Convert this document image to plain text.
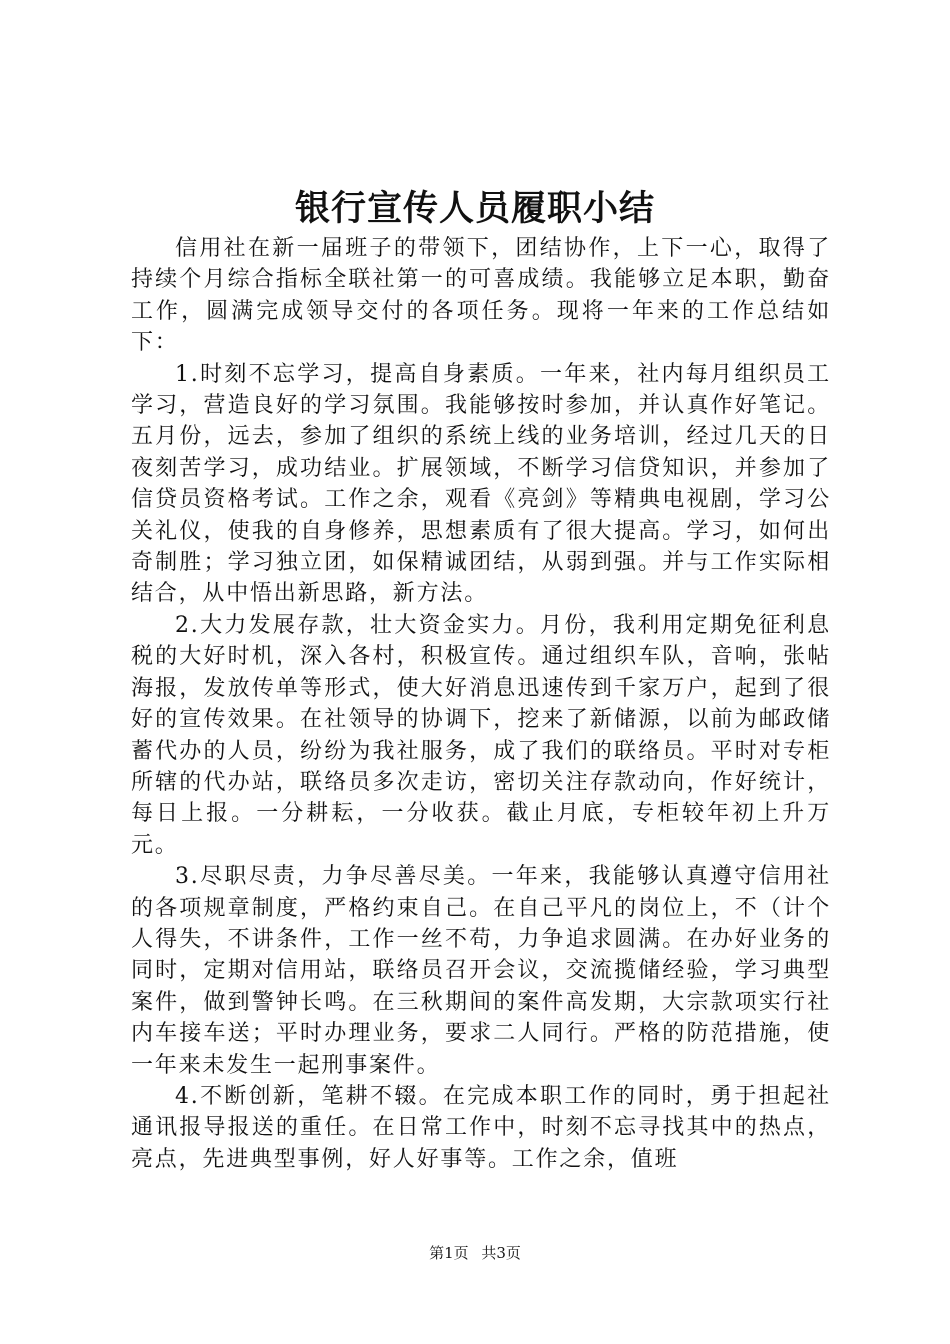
银行宣传人员履职小结

信用社在新一届班子的带领下，团结协作，上下一心，取得了持续个月综合指标全联社第一的可喜成绩。我能够立足本职，勤奋工作，圆满完成领导交付的各项任务。现将一年来的工作总结如下：

1.时刻不忘学习，提高自身素质。一年来，社内每月组织员工学习，营造良好的学习氛围。我能够按时参加，并认真作好笔记。五月份，远去，参加了组织的系统上线的业务培训，经过几天的日夜刻苦学习，成功结业。扩展领域，不断学习信贷知识，并参加了信贷员资格考试。工作之余，观看《亮剑》等精典电视剧，学习公关礼仪，使我的自身修养，思想素质有了很大提高。学习，如何出奇制胜；学习独立团，如保精诚团结，从弱到强。并与工作实际相结合，从中悟出新思路，新方法。

2.大力发展存款，壮大资金实力。月份，我利用定期免征利息税的大好时机，深入各村，积极宣传。通过组织车队，音响，张帖海报，发放传单等形式，使大好消息迅速传到千家万户，起到了很好的宣传效果。在社领导的协调下，挖来了新储源，以前为邮政储蓄代办的人员，纷纷为我社服务，成了我们的联络员。平时对专柜所辖的代办站，联络员多次走访，密切关注存款动向，作好统计，每日上报。一分耕耘，一分收获。截止月底，专柜较年初上升万元。

3.尽职尽责，力争尽善尽美。一年来，我能够认真遵守信用社的各项规章制度，严格约束自己。在自己平凡的岗位上，不（计个人得失，不讲条件，工作一丝不苟，力争追求圆满。在办好业务的同时，定期对信用站，联络员召开会议，交流揽储经验，学习典型案件，做到警钟长鸣。在三秋期间的案件高发期，大宗款项实行社内车接车送；平时办理业务，要求二人同行。严格的防范措施，使一年来未发生一起刑事案件。

4.不断创新，笔耕不辍。在完成本职工作的同时，勇于担起社通讯报导报送的重任。在日常工作中，时刻不忘寻找其中的热点，亮点，先进典型事例，好人好事等。工作之余，值班

第1页 共3页
